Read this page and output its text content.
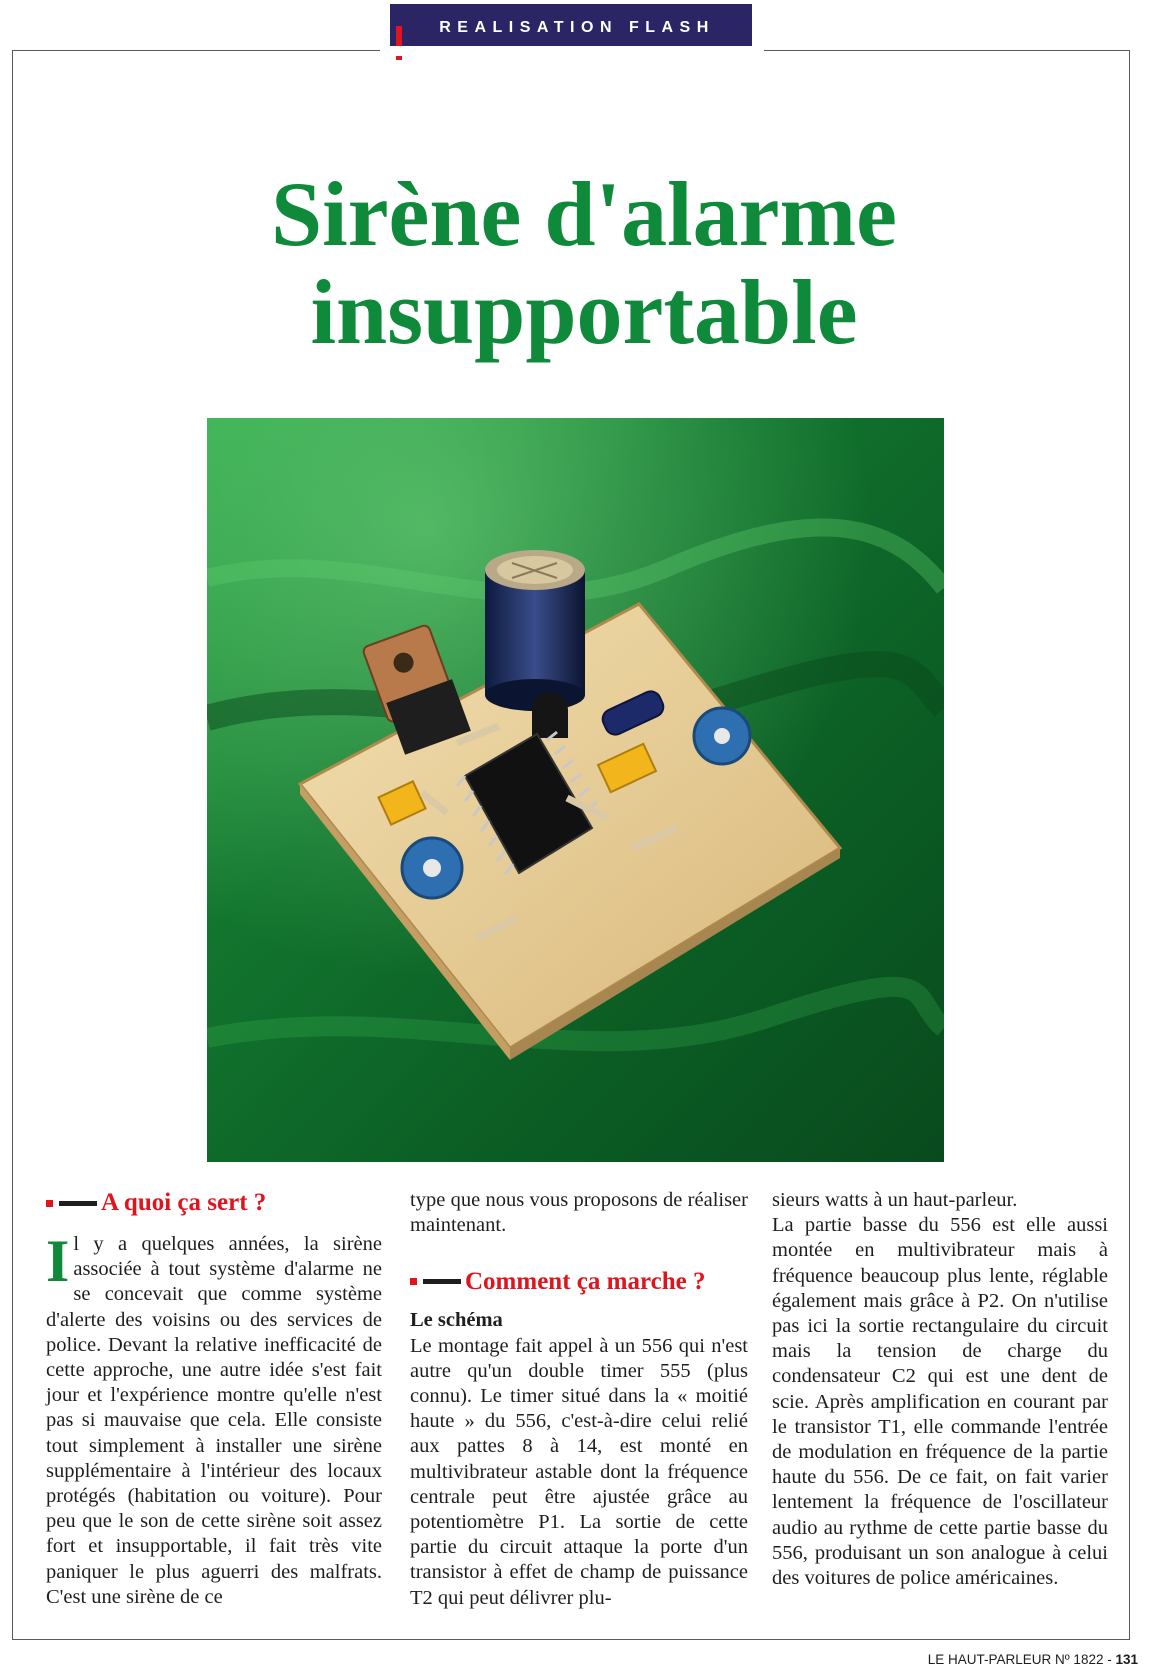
REALISATION FLASH
Sirène d'alarme
insupportable
A quoi ça sert ?

Il y a quelques années, la sirène associée à tout système d'alarme ne se concevait que comme système d'alerte des voisins ou des services de police. Devant la relative inefficacité de cette approche, une autre idée s'est fait jour et l'expérience montre qu'elle n'est pas si mauvaise que cela. Elle consiste tout simplement à installer une sirène supplémentaire à l'intérieur des locaux protégés (habitation ou voiture). Pour peu que le son de cette sirène soit assez fort et insupportable, il fait très vite paniquer le plus aguerri des malfrats. C'est une sirène de ce

type que nous vous proposons de réaliser maintenant.

Comment ça marche ?
Le schéma

Le montage fait appel à un 556 qui n'est autre qu'un double timer 555 (plus connu). Le timer situé dans la « moitié haute » du 556, c'est-à-dire celui relié aux pattes 8 à 14, est monté en multivibrateur astable dont la fréquence centrale peut être ajustée grâce au potentiomètre P1. La sortie de cette partie du circuit attaque la porte d'un transistor à effet de champ de puissance T2 qui peut délivrer plu-

sieurs watts à un haut-parleur.

La partie basse du 556 est elle aussi montée en multivibrateur mais à fréquence beaucoup plus lente, réglable également mais grâce à P2. On n'utilise pas ici la sortie rectangulaire du circuit mais la tension de charge du condensateur C2 qui est une dent de scie. Après amplification en courant par le transistor T1, elle commande l'entrée de modulation en fréquence de la partie haute du 556. De ce fait, on fait varier lentement la fréquence de l'oscillateur audio au rythme de cette partie basse du 556, produisant un son analogue à celui des voitures de police américaines.

LE HAUT-PARLEUR Nº 1822 - 131
